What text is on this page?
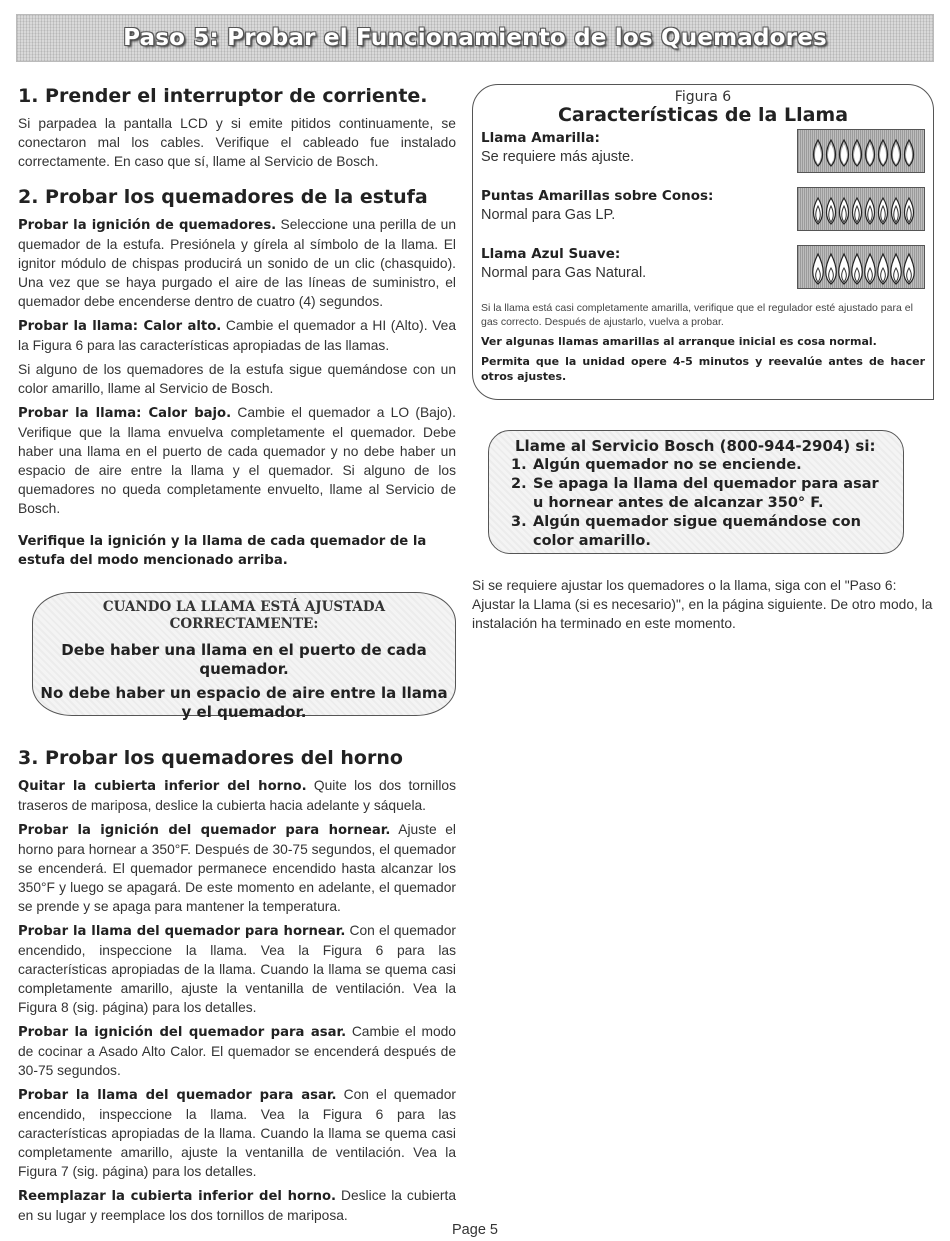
Paso 5: Probar el Funcionamiento de los Quemadores
1. Prender el interruptor de corriente.

Si parpadea la pantalla LCD y si emite pitidos continuamente, se conectaron mal los cables. Verifique el cableado fue instalado correctamente. En caso que sí, llame al Servicio de Bosch.

2. Probar los quemadores de la estufa

Probar la ignición de quemadores. Seleccione una perilla de un quemador de la estufa. Presiónela y gírela al símbolo de la llama. El ignitor módulo de chispas producirá un sonido de un clic (chasquido). Una vez que se haya purgado el aire de las líneas de suministro, el quemador debe encenderse dentro de cuatro (4) segundos.

Probar la llama: Calor alto. Cambie el quemador a HI (Alto). Vea la Figura 6 para las características apropiadas de las llamas.

Si alguno de los quemadores de la estufa sigue quemándose con un color amarillo, llame al Servicio de Bosch.

Probar la llama: Calor bajo. Cambie el quemador a LO (Bajo). Verifique que la llama envuelva completamente el quemador. Debe haber una llama en el puerto de cada quemador y no debe haber un espacio de aire entre la llama y el quemador. Si alguno de los quemadores no queda completamente envuelto, llame al Servicio de Bosch.

Verifique la ignición y la llama de cada quemador de la estufa del modo mencionado arriba.

CUANDO LA LLAMA ESTÁ AJUSTADA
CORRECTAMENTE:
Debe haber una llama en el puerto de cada quemador.
No debe haber un espacio de aire entre la llama y el quemador.
3. Probar los quemadores del horno

Quitar la cubierta inferior del horno. Quite los dos tornillos traseros de mariposa, deslice la cubierta hacia adelante y sáquela.

Probar la ignición del quemador para hornear. Ajuste el horno para hornear a 350°F. Después de 30-75 segundos, el quemador se encenderá. El quemador permanece encendido hasta alcanzar los 350°F y luego se apagará. De este momento en adelante, el quemador se prende y se apaga para mantener la temperatura.

Probar la llama del quemador para hornear. Con el quemador encendido, inspeccione la llama. Vea la Figura 6 para las características apropiadas de la llama. Cuando la llama se quema casi completamente amarillo, ajuste la ventanilla de ventilación. Vea la Figura 8 (sig. página) para los detalles.

Probar la ignición del quemador para asar. Cambie el modo de cocinar a Asado Alto Calor. El quemador se encenderá después de 30-75 segundos.

Probar la llama del quemador para asar. Con el quemador encendido, inspeccione la llama. Vea la Figura 6 para las características apropiadas de la llama. Cuando la llama se quema casi completamente amarillo, ajuste la ventanilla de ventilación. Vea la Figura 7 (sig. página) para los detalles.

Reemplazar la cubierta inferior del horno. Deslice la cubierta en su lugar y reemplace los dos tornillos de mariposa.

Figura 6
Características de la Llama
Llama Amarilla:
Se requiere más ajuste.
Puntas Amarillas sobre Conos:
Normal para Gas LP.
Llama Azul Suave:
Normal para Gas Natural.

Si la llama está casi completamente amarilla, verifique que el regulador esté ajustado para el gas correcto. Después de ajustarlo, vuelva a probar.

Ver algunas llamas amarillas al arranque inicial es cosa normal.

Permita que la unidad opere 4-5 minutos y reevalúe antes de hacer otros ajustes.

Llame al Servicio Bosch (800-944-2904) si:
1. Algún quemador no se enciende.
2. Se apaga la llama del quemador para asar u hornear antes de alcanzar 350° F.
3. Algún quemador sigue quemándose con color amarillo.

Si se requiere ajustar los quemadores o la llama, siga con el "Paso 6: Ajustar la Llama (si es necesario)", en la página siguiente. De otro modo, la instalación ha terminado en este momento.

Page 5
